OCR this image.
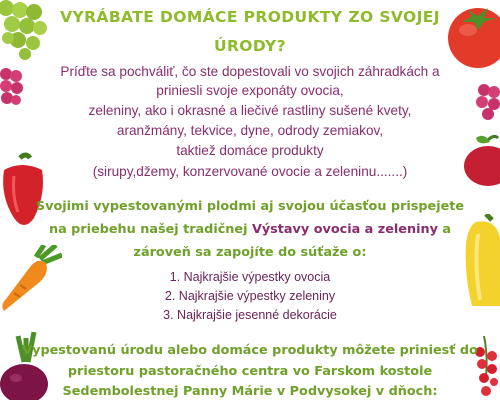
VYRÁBATE DOMÁCE PRODUKTY ZO SVOJEJ
ÚRODY?
Príďte sa pochváliť, čo ste dopestovali vo svojich záhradkách a
priniesli svoje exponáty ovocia,
zeleniny, ako i okrasné a liečivé rastliny sušené kvety,
aranžmány, tekvice, dyne, odrody zemiakov,
taktiež domáce produkty
(sirupy,džemy, konzervované ovocie a zeleninu.......)
Svojimi vypestovanými plodmi aj svojou účasťou prispejete
na priebehu našej tradičnej Výstavy ovocia a zeleniny a
zároveň sa zapojíte do súťaže o:
1. Najkrajšie výpestky ovocia
2. Najkrajšie výpestky zeleniny
3. Najkrajšie jesenné dekorácie
Vypestovanú úrodu alebo domáce produkty môžete priniesť do
priestoru pastoračného centra vo Farskom kostole
Sedembolestnej Panny Márie v Podvysokej v dňoch:
